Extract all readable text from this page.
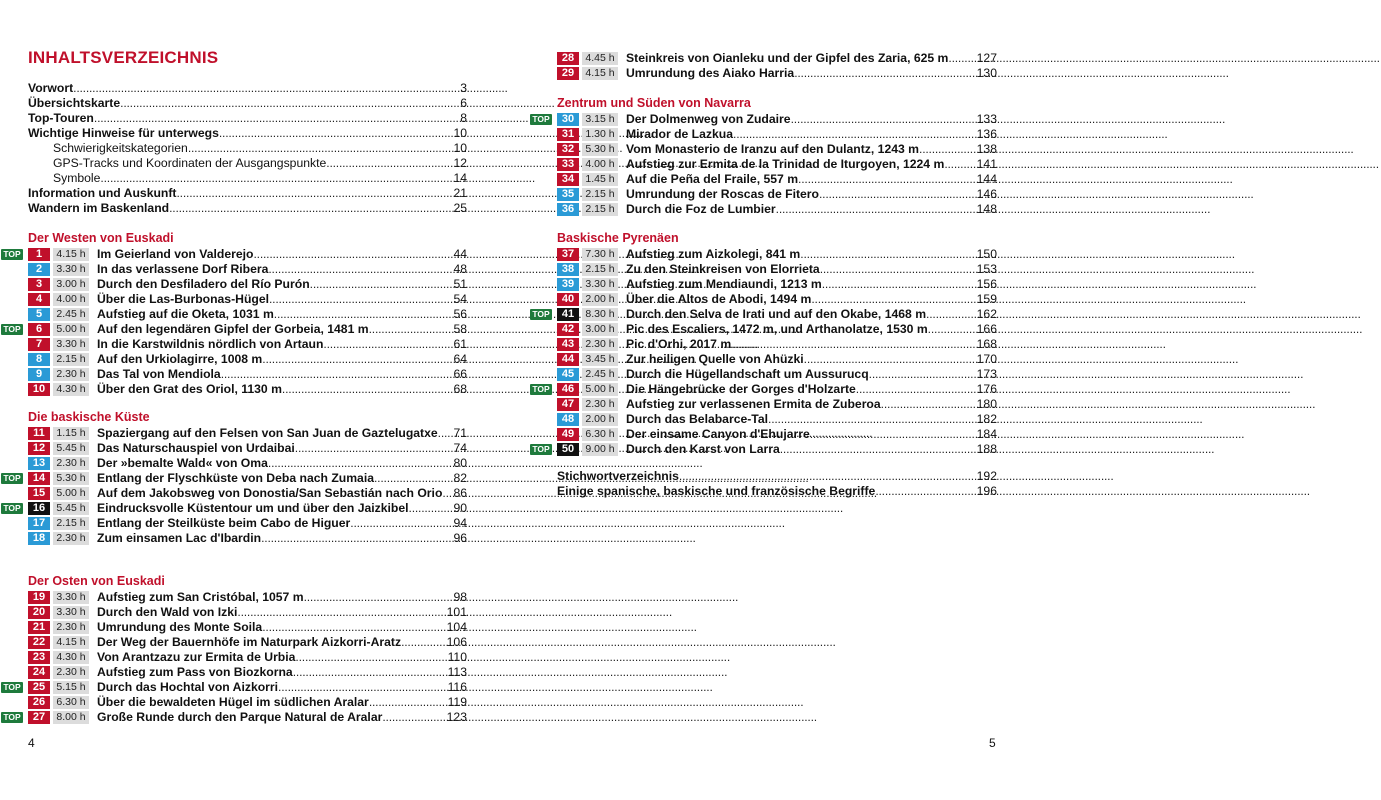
INHALTSVERZEICHNIS
Vorwort . . .	3
Übersichtskarte . . .	6
Top-Touren . . .	8
Wichtige Hinweise für unterwegs . . .	10
Schwierigkeitskategorien . . .	10
GPS-Tracks und Koordinaten der Ausgangspunkte . . .	12
Symbole . . .	14
Information und Auskunft . . .	21
Wandern im Baskenland . . .	25
Der Westen von Euskadi
TOP	1	4.15 h Im Geierland von Valderejo . . .	44
2	3.30 h In das verlassene Dorf Ribera . . .	48
3	3.00 h Durch den Desfiladero del Río Purón . . .	51
4	4.00 h Über die Las-Burbonas-Hügel . . .	54
5	2.45 h Aufstieg auf die Oketa, 1031 m . . .	56
TOP	6	5.00 h Auf den legendären Gipfel der Gorbeia, 1481 m . . .	58
7	3.30 h In die Karstwildnis nördlich von Artaun . . .	61
8	2.15 h Auf den Urkiolagirre, 1008 m . . .	64
9	2.30 h Das Tal von Mendiola . . .	66
10	4.30 h Über den Grat des Oriol, 1130 m . . .	68
Die baskische Küste
11	1.15 h Spaziergang auf den Felsen von San Juan de Gaztelugatxe . . . 71
12	5.45 h Das Naturschauspiel von Urdaibai . . .	74
13	2.30 h Der »bemalte Wald« von Oma . . .	80
TOP	14	5.30 h Entlang der Flyschküste von Deba nach Zumaia . . .	82
15	5.00 h Auf dem Jakobsweg von Donostia/San Sebastián nach Orio . . . 86
TOP	16	5.45 h Eindrucksvolle Küstentour um und über den Jaizkibel . . .	90
17	2.15 h Entlang der Steilküste beim Cabo de Higuer . . .	94
18	2.30 h Zum einsamen Lac d'Ibardin . . .	96
Der Osten von Euskadi
19	3.30 h Aufstieg zum San Cristóbal, 1057 m . . .	98
20	3.30 h Durch den Wald von Izki . . .	101
21	2.30 h Umrundung des Monte Soila . . .	104
22	4.15 h Der Weg der Bauernhöfe im Naturpark Aizkorri-Aratz . . .	106
23	4.30 h Von Arantzazu zur Ermita de Urbia . . .	110
24	2.30 h Aufstieg zum Pass von Biozkorna . . .	113
TOP	25	5.15 h Durch das Hochtal von Aizkorri . . .	116
26	6.30 h Über die bewaldeten Hügel im südlichen Aralar . . .	119
TOP	27	8.00 h Große Runde durch den Parque Natural de Aralar . . .	123
4
28	4.45 h Steinkreis von Oianleku und der Gipfel des Zaria, 625 m . . . 127
29	4.15 h Umrundung des Aiako Harria . . .	130
Zentrum und Süden von Navarra
TOP	30	3.15 h Der Dolmenweg von Zudaire . . .	133
31	1.30 h Mirador de Lazkua . . .	136
32	5.30 h Vom Monasterio de Iranzu auf den Dulantz, 1243 m . . .	138
33	4.00 h Aufstieg zur Ermita de la Trinidad de Iturgoyen, 1224 m . . .	141
34	1.45 h Auf die Peña del Fraile, 557 m . . .	144
35	2.15 h Umrundung der Roscas de Fitero . . .	146
36	2.15 h Durch die Foz de Lumbier . . .	148
Baskische Pyrenäen
37	7.30 h Aufstieg zum Aizkolegi, 841 m . . .	150
38	2.15 h Zu den Steinkreisen von Elorrieta . . .	153
39	3.30 h Aufstieg zum Mendiaundi, 1213 m . . .	156
40	2.00 h Über die Altos de Abodi, 1494 m . . .	159
TOP	41	8.30 h Durch den Selva de Irati und auf den Okabe, 1468 m . . .	162
42	3.00 h Pic des Escaliers, 1472 m, und Arthanolatze, 1530 m . . .	166
43	2.30 h Pic d'Orhi, 2017 m . . .	168
44	3.45 h Zur heiligen Quelle von Ahüzki . . .	170
45	2.45 h Durch die Hügellandschaft um Aussurucq . . .	173
TOP	46	5.00 h Die Hängebrücke der Gorges d'Holzarte . . .	176
47	2.30 h Aufstieg zur verlassenen Ermita de Zuberoa . . .	180
48	2.00 h Durch das Belabarce-Tal . . .	182
49	6.30 h Der einsame Canyon d'Ehujarre . . .	184
TOP	50	9.00 h Durch den Karst von Larra . . .	188
Stichwortverzeichnis . . .	192
Einige spanische, baskische und französische Begriffe . . .	196
5
